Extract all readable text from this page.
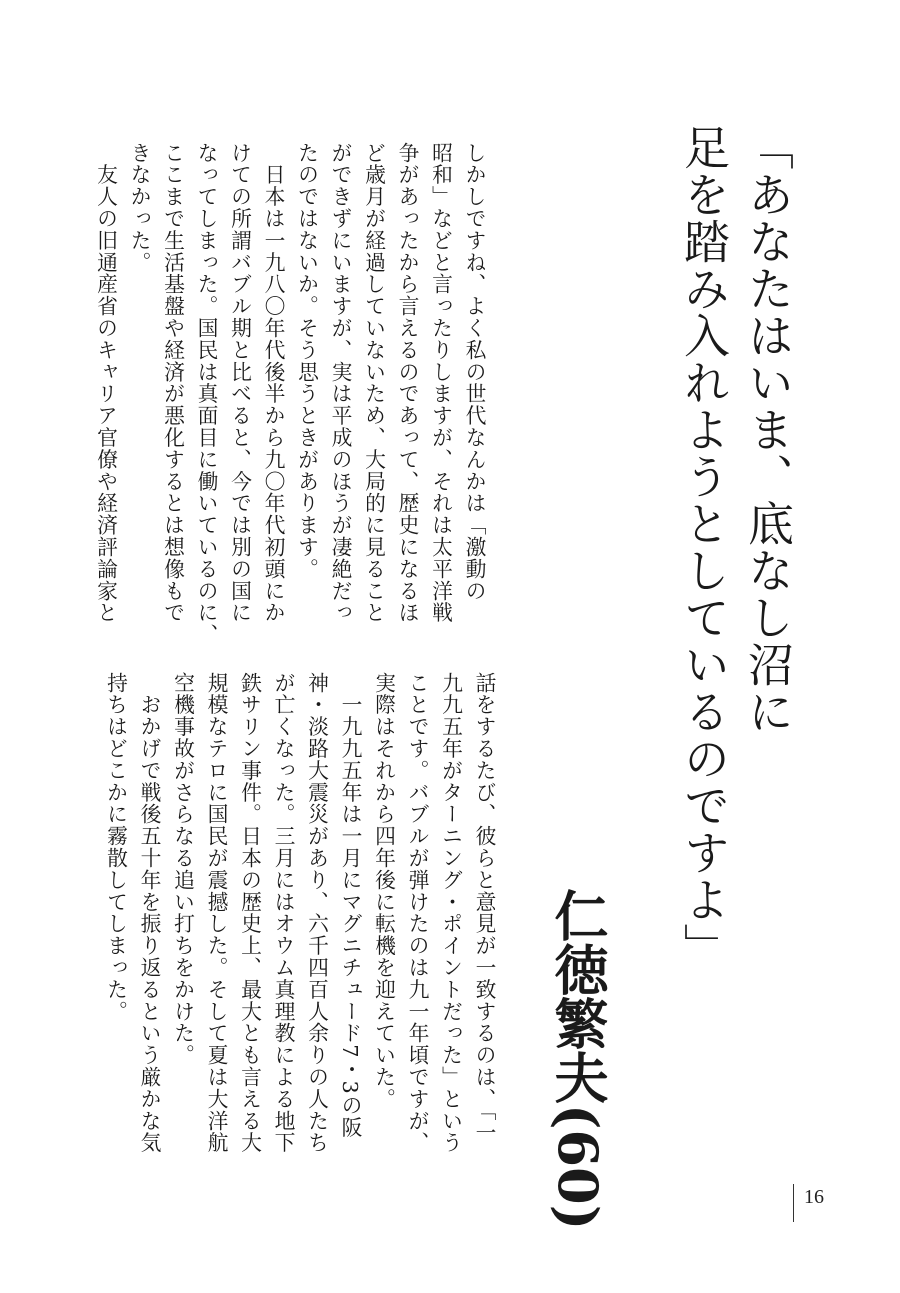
「あなたはいま、底なし沼に
足を踏み入れようとしているのですよ」
仁徳繁夫(60)
しかしですね、よく私の世代なんかは「激動の
昭和」などと言ったりしますが、それは太平洋戦
争があったから言えるのであって、歴史になるほ
ど歳月が経過していないため、大局的に見ること
ができずにいますが、実は平成のほうが凄絶だっ
たのではないか。そう思うときがあります。
　日本は一九八〇年代後半から九〇年代初頭にか
けての所謂バブル期と比べると、今では別の国に
なってしまった。国民は真面目に働いているのに、
ここまで生活基盤や経済が悪化するとは想像もで
きなかった。
　友人の旧通産省のキャリア官僚や経済評論家と
話をするたび、彼らと意見が一致するのは、「一
九九五年がターニング・ポイントだった」という
ことです。バブルが弾けたのは九一年頃ですが、
実際はそれから四年後に転機を迎えていた。
　一九九五年は一月にマグニチュード7・3の阪
神・淡路大震災があり、六千四百人余りの人たち
が亡くなった。三月にはオウム真理教による地下
鉄サリン事件。日本の歴史上、最大とも言える大
規模なテロに国民が震撼した。そして夏は大洋航
空機事故がさらなる追い打ちをかけた。
　おかげで戦後五十年を振り返るという厳かな気
持ちはどこかに霧散してしまった。
16
